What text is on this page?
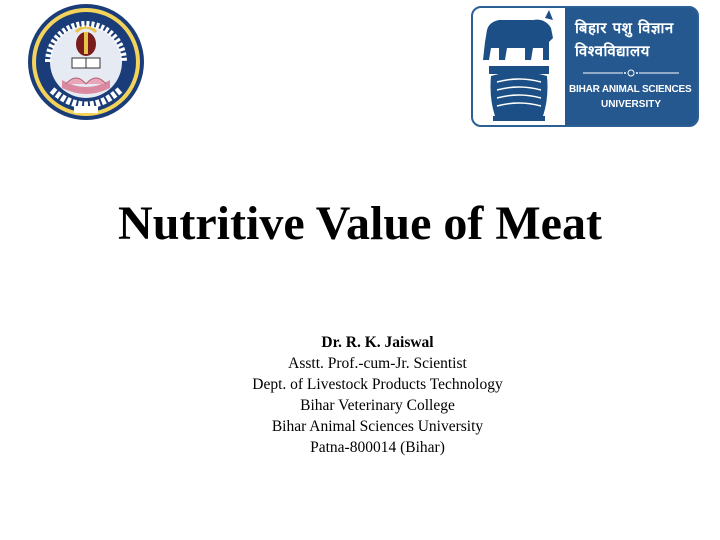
बिहार पशु विज्ञान
विश्वविद्यालय
BIHAR ANIMAL SCIENCES
UNIVERSITY
Nutritive Value of Meat
Dr. R. K. Jaiswal
Asstt. Prof.-cum-Jr. Scientist
Dept. of Livestock Products Technology
Bihar Veterinary College
Bihar Animal Sciences University
Patna-800014 (Bihar)
